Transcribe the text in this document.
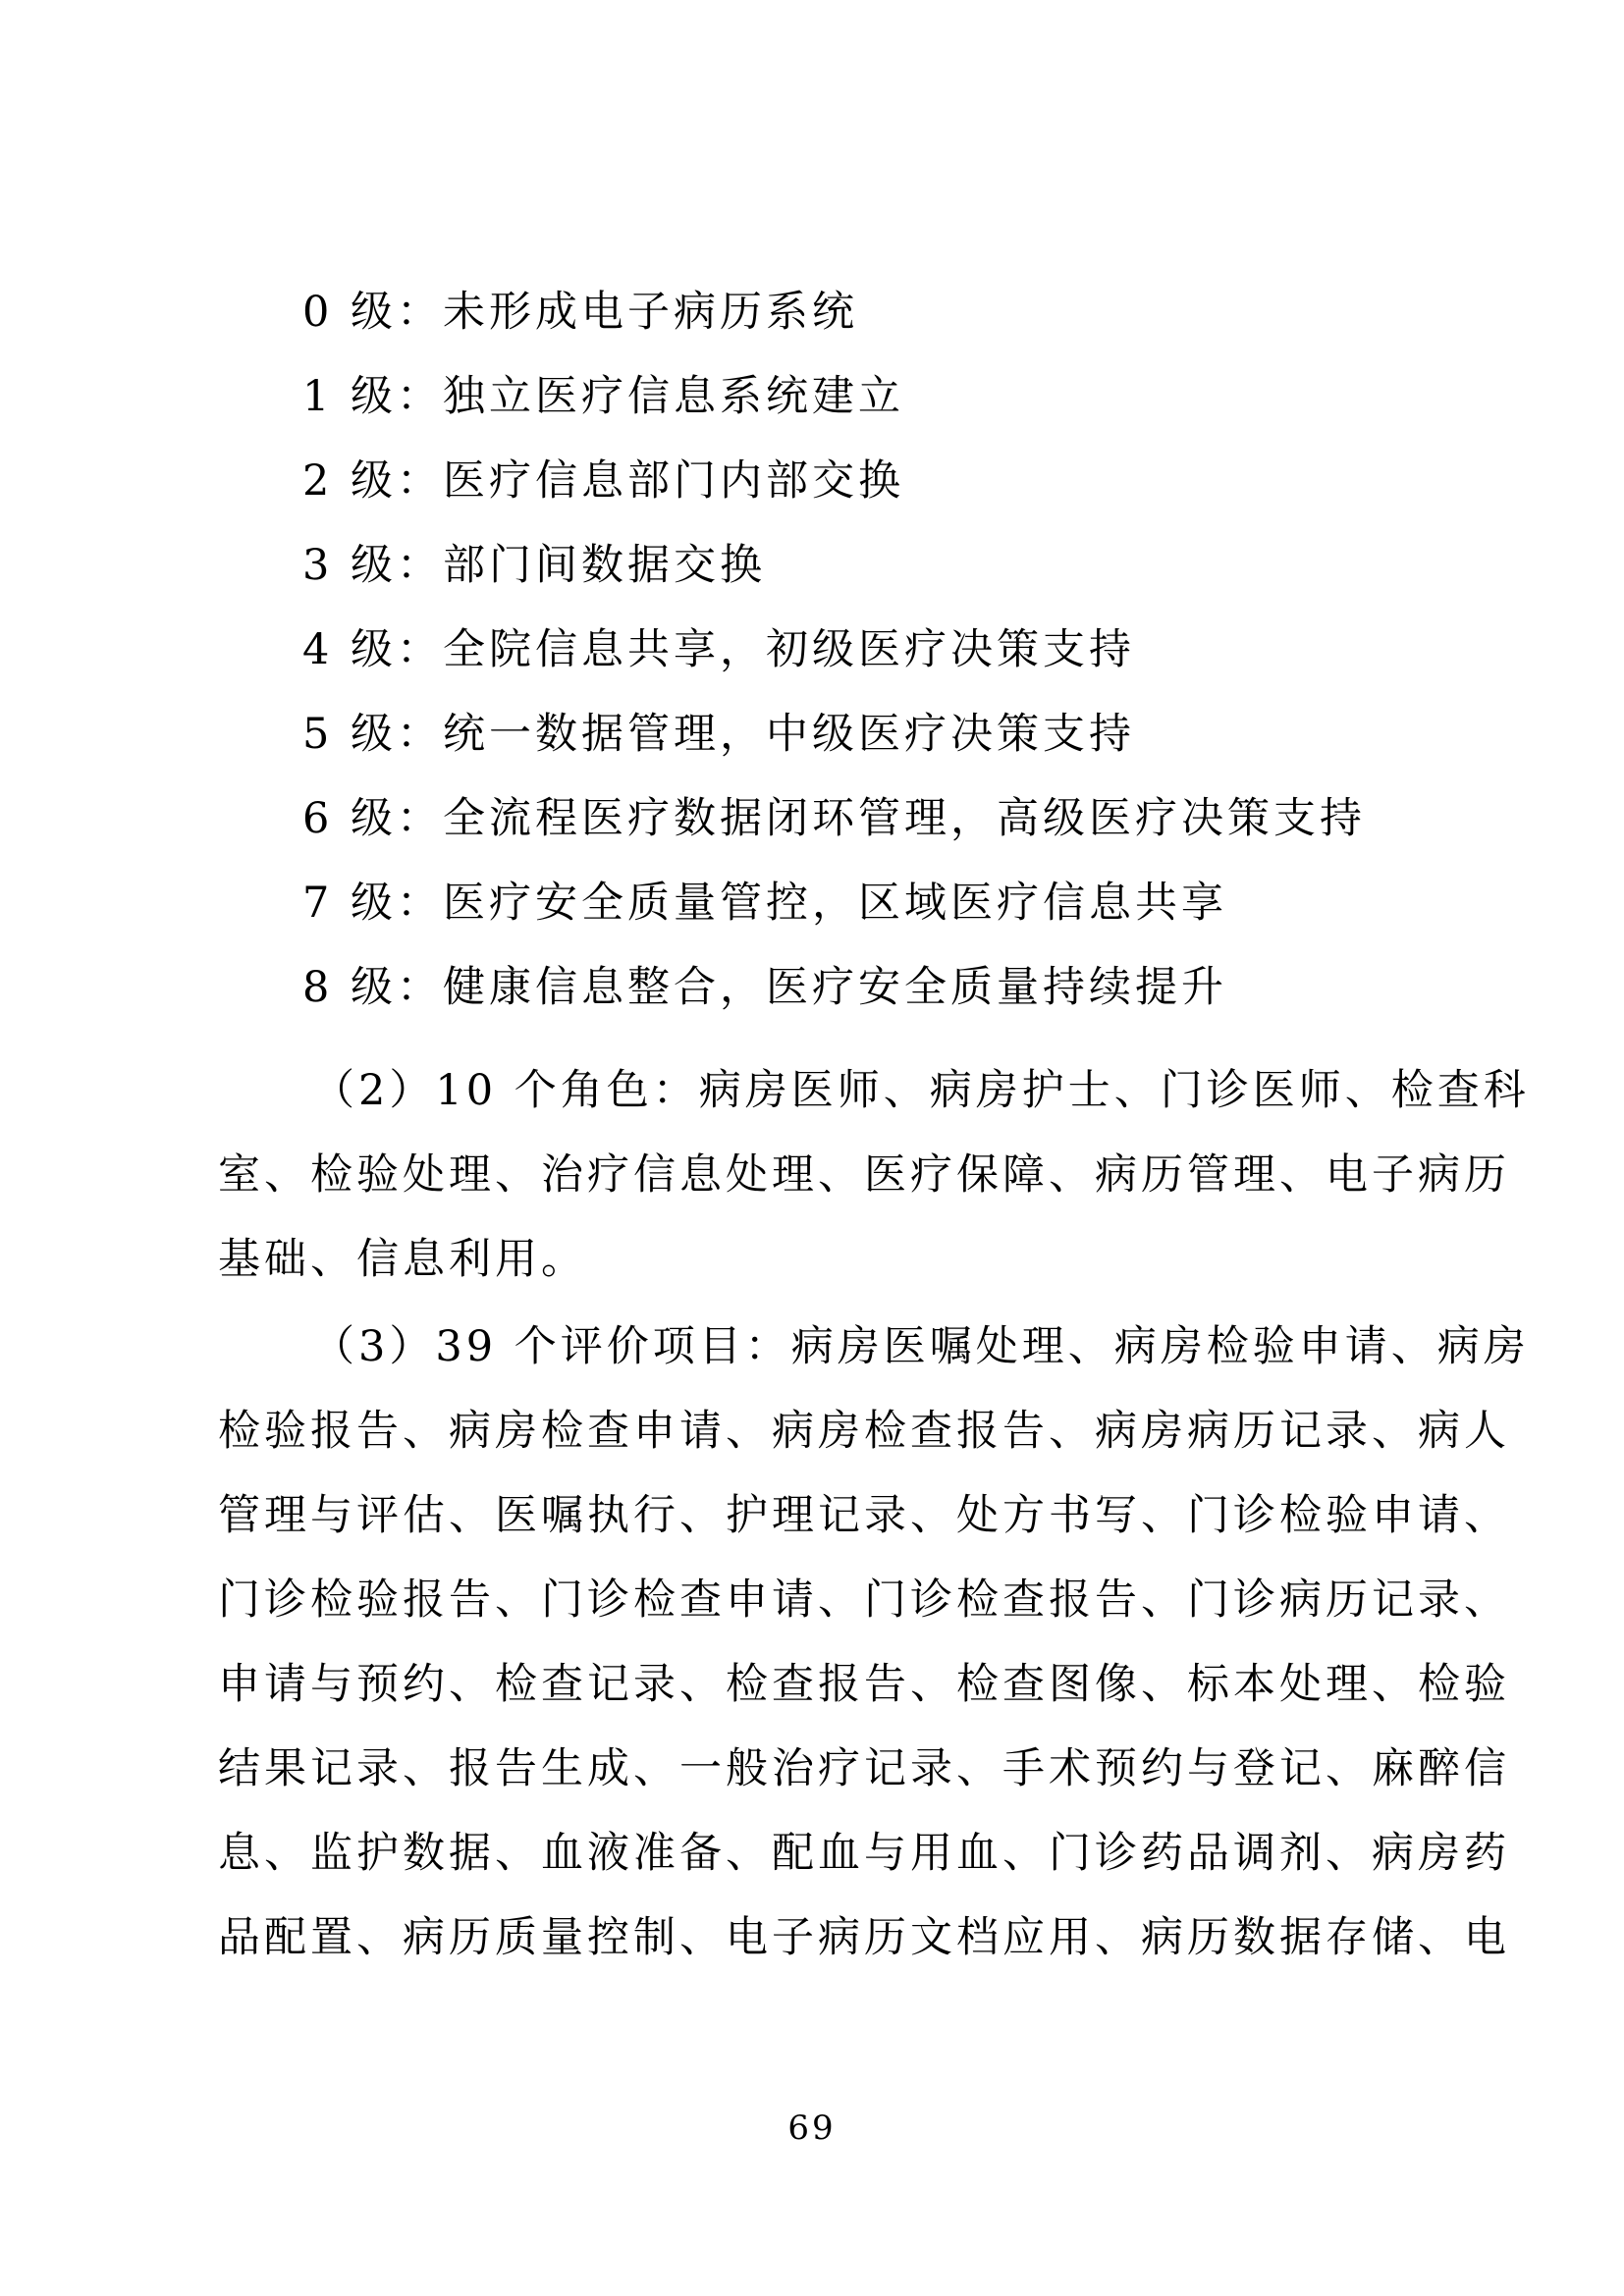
0 级：未形成电子病历系统
1 级：独立医疗信息系统建立
2 级：医疗信息部门内部交换
3 级：部门间数据交换
4 级：全院信息共享，初级医疗决策支持
5 级：统一数据管理，中级医疗决策支持
6 级：全流程医疗数据闭环管理，高级医疗决策支持
7 级：医疗安全质量管控，区域医疗信息共享
8 级：健康信息整合，医疗安全质量持续提升

（2）10 个角色：病房医师、病房护士、门诊医师、检查科
室、检验处理、治疗信息处理、医疗保障、病历管理、电子病历
基础、信息利用。

（3）39 个评价项目：病房医嘱处理、病房检验申请、病房
检验报告、病房检查申请、病房检查报告、病房病历记录、病人
管理与评估、医嘱执行、护理记录、处方书写、门诊检验申请、
门诊检验报告、门诊检查申请、门诊检查报告、门诊病历记录、
申请与预约、检查记录、检查报告、检查图像、标本处理、检验
结果记录、报告生成、一般治疗记录、手术预约与登记、麻醉信
息、监护数据、血液准备、配血与用血、门诊药品调剂、病房药
品配置、病历质量控制、电子病历文档应用、病历数据存储、电

69
